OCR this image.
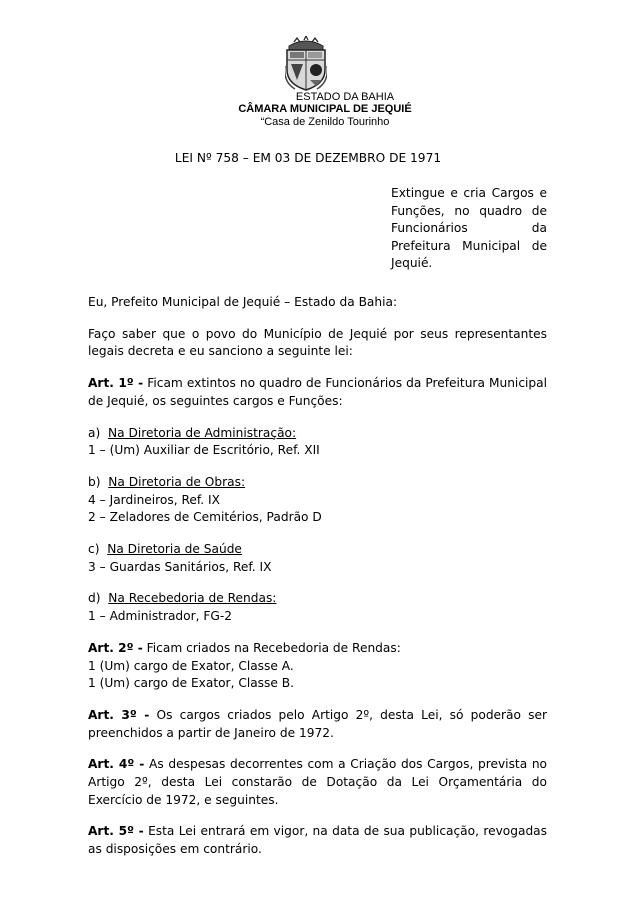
ESTADO DA BAHIA
CÂMARA MUNICIPAL DE JEQUIÉ
“Casa de Zenildo Tourinho
LEI Nº 758 – EM 03 DE DEZEMBRO DE 1971
Extingue e cria Cargos e Funções, no quadro de Funcionários da Prefeitura Municipal de Jequié.

Eu, Prefeito Municipal de Jequié – Estado da Bahia:

Faço saber que o povo do Município de Jequié por seus representantes legais decreta e eu sanciono a seguinte lei:

Art. 1º - Ficam extintos no quadro de Funcionários da Prefeitura Municipal de Jequié, os seguintes cargos e Funções:

a) Na Diretoria de Administração:
1 – (Um) Auxiliar de Escritório, Ref. XII
b) Na Diretoria de Obras:
4 – Jardineiros, Ref. IX
2 – Zeladores de Cemitérios, Padrão D
c) Na Diretoria de Saúde
3 – Guardas Sanitários, Ref. IX
d) Na Recebedoria de Rendas:
1 – Administrador, FG-2
Art. 2º - Ficam criados na Recebedoria de Rendas:
1 (Um) cargo de Exator, Classe A.
1 (Um) cargo de Exator, Classe B.

Art. 3º - Os cargos criados pelo Artigo 2º, desta Lei, só poderão ser preenchidos a partir de Janeiro de 1972.

Art. 4º - As despesas decorrentes com a Criação dos Cargos, prevista no Artigo 2º, desta Lei constarão de Dotação da Lei Orçamentária do Exercício de 1972, e seguintes.

Art. 5º - Esta Lei entrará em vigor, na data de sua publicação, revogadas as disposições em contrário.
